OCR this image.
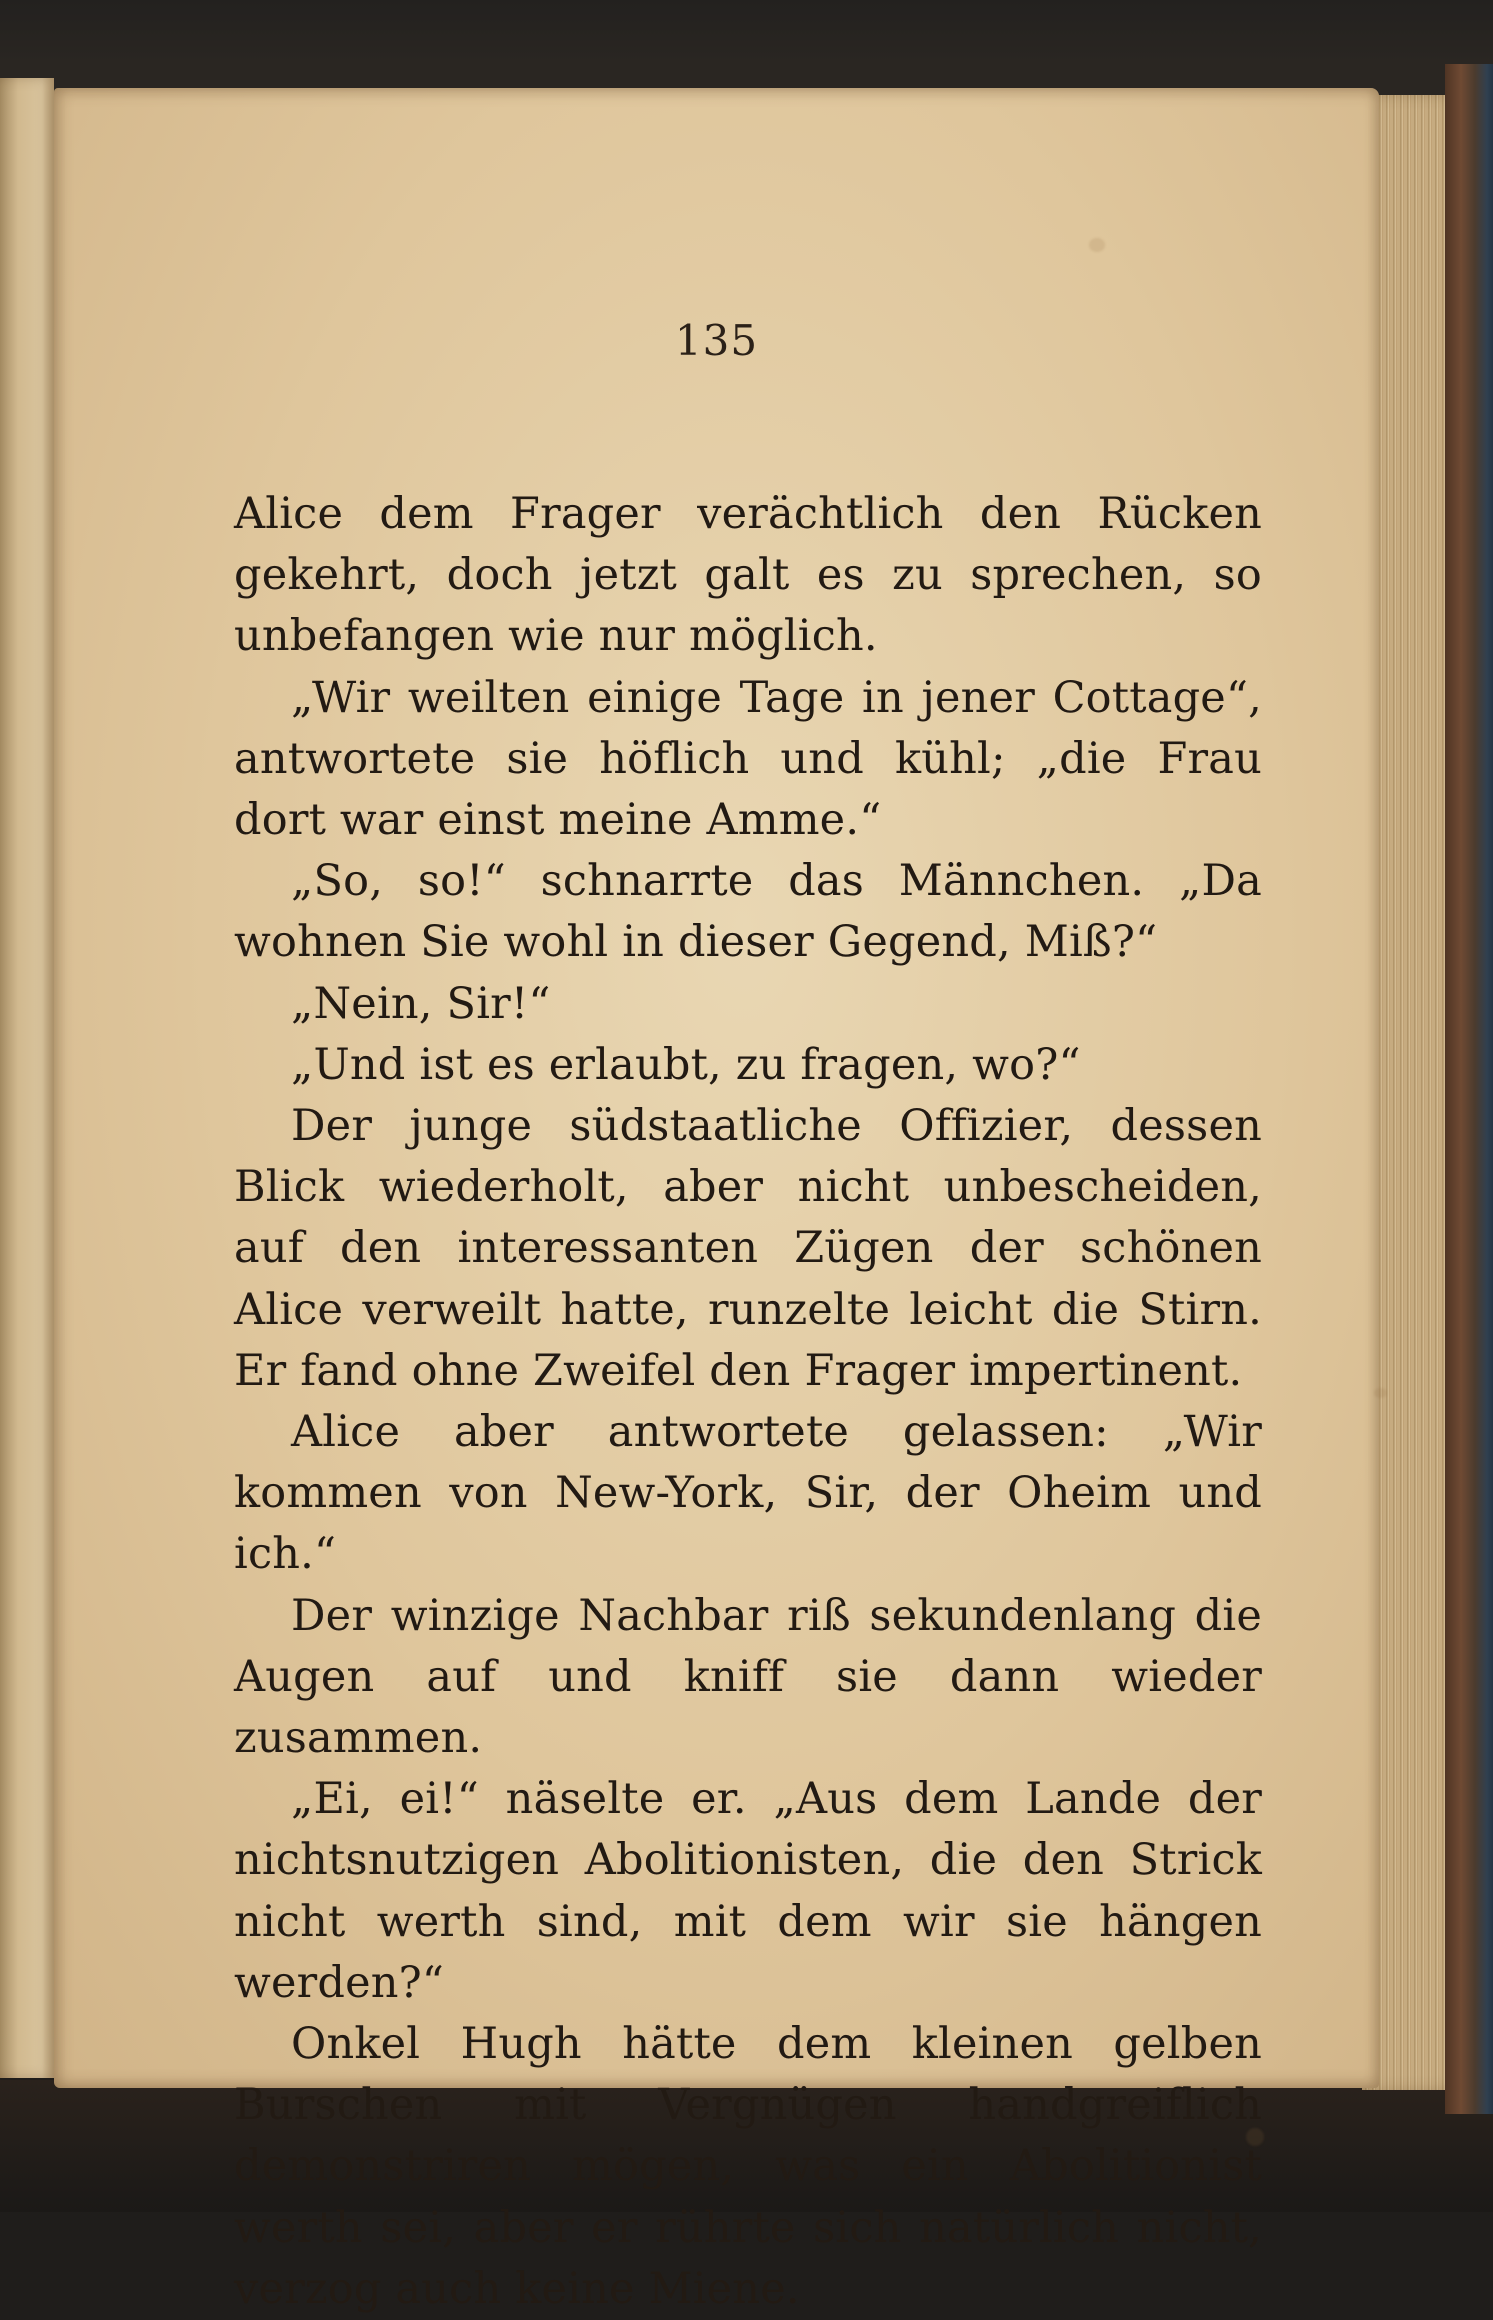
135

Alice dem Frager verächtlich den Rücken gekehrt, doch jetzt galt es zu sprechen, so unbefangen wie nur möglich.

„Wir weilten einige Tage in jener Cottage“, antwortete sie höflich und kühl; „die Frau dort war einst meine Amme.“

„So, so!“ schnarrte das Männchen. „Da wohnen Sie wohl in dieser Gegend, Miß?“

„Nein, Sir!“

„Und ist es erlaubt, zu fragen, wo?“

Der junge südstaatliche Offizier, dessen Blick wiederholt, aber nicht unbescheiden, auf den interessanten Zügen der schönen Alice verweilt hatte, runzelte leicht die Stirn. Er fand ohne Zweifel den Frager impertinent.

Alice aber antwortete gelassen: „Wir kommen von New-York, Sir, der Oheim und ich.“

Der winzige Nachbar riß sekundenlang die Augen auf und kniff sie dann wieder zusammen.

„Ei, ei!“ näselte er. „Aus dem Lande der nichtsnutzigen Abolitionisten, die den Strick nicht werth sind, mit dem wir sie hängen werden?“

Onkel Hugh hätte dem kleinen gelben Burschen mit Vergnügen handgreiflich demonstriren mögen, was ein Abolitionist werth sei, aber er rührte sich natürlich nicht, verzog auch keine Miene.
